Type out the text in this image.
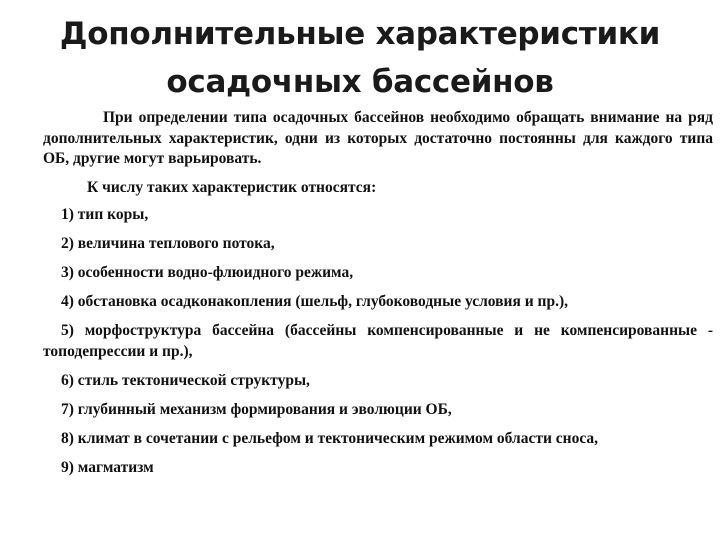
Дополнительные характеристики
осадочных бассейнов

При определении типа осадочных бассейнов необходимо обращать внимание на ряд дополнительных характеристик, одни из которых достаточно постоянны для каждого типа ОБ, другие могут варьировать.

К числу таких характеристик относятся:

1) тип коры,

2) величина теплового потока,

3) особенности водно-флюидного режима,

4) обстановка осадконакопления (шельф, глубоководные условия и пр.),

5) морфоструктура бассейна (бассейны компенсированные и не компенсированные - топодепрессии и пр.),

6) стиль тектонической структуры,

7) глубинный механизм формирования и эволюции ОБ,

8) климат в сочетании с рельефом и тектоническим режимом области сноса,

9) магматизм
